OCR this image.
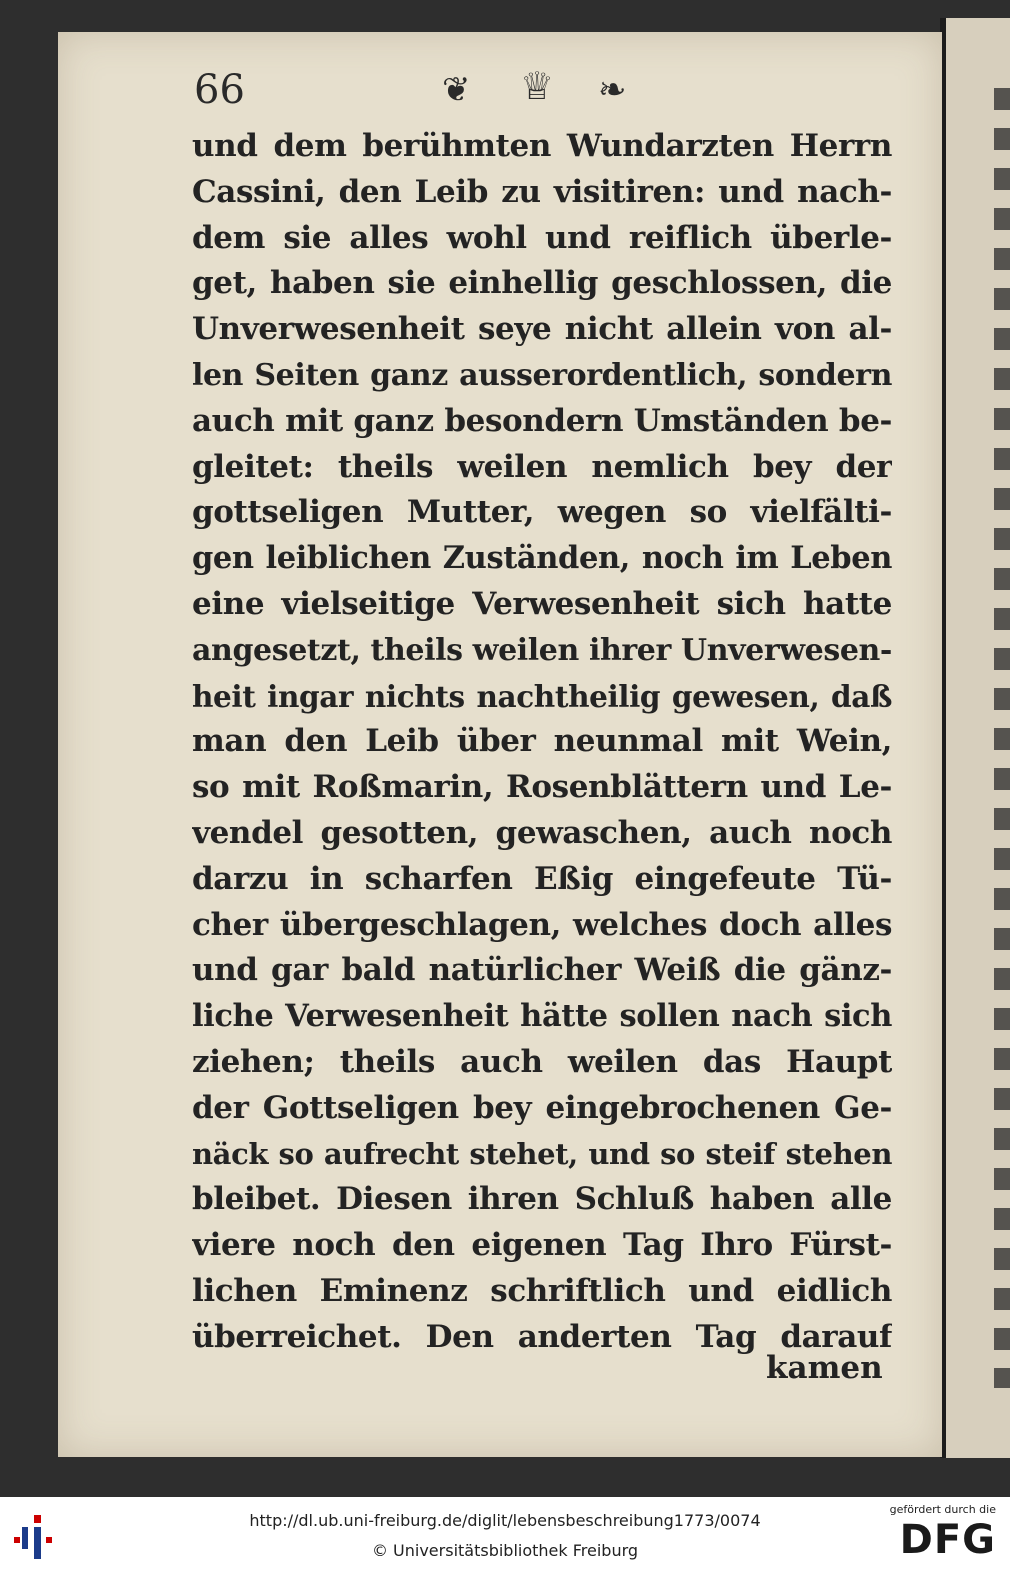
66	❦ ♕ ❧
und dem berühmten Wundarzten Herrn
Cassini, den Leib zu visitiren: und nach-
dem sie alles wohl und reiflich überle-
get, haben sie einhellig geschlossen, die
Unverwesenheit seye nicht allein von al-
len Seiten ganz ausserordentlich, sondern
auch mit ganz besondern Umständen be-
gleitet: theils weilen nemlich bey der
gottseligen Mutter, wegen so vielfälti-
gen leiblichen Zuständen, noch im Leben
eine vielseitige Verwesenheit sich hatte
angesetzt, theils weilen ihrer Unverwesen-
heit ingar nichts nachtheilig gewesen, daß
man den Leib über neunmal mit Wein,
so mit Roßmarin, Rosenblättern und Le-
vendel gesotten, gewaschen, auch noch
darzu in scharfen Eßig eingefeute Tü-
cher übergeschlagen, welches doch alles
und gar bald natürlicher Weiß die gänz-
liche Verwesenheit hätte sollen nach sich
ziehen; theils auch weilen das Haupt
der Gottseligen bey eingebrochenen Ge-
näck so aufrecht stehet, und so steif stehen
bleibet. Diesen ihren Schluß haben alle
viere noch den eigenen Tag Ihro Fürst-
lichen Eminenz schriftlich und eidlich
überreichet. Den anderten Tag darauf
kamen
http://dl.ub.uni-freiburg.de/diglit/lebensbeschreibung1773/0074
© Universitätsbibliothek Freiburg
gefördert durch die
DFG
